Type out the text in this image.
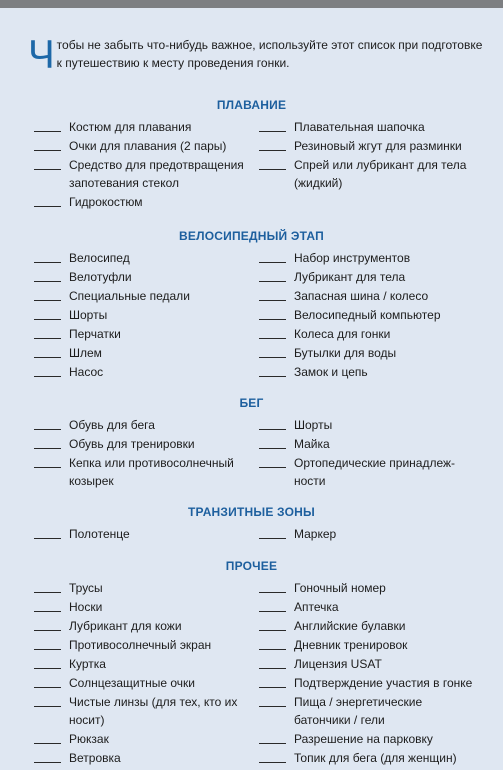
Ч тобы не забыть что-нибудь важное, используйте этот список при подготовке к путешествию к месту проведения гонки.
ПЛАВАНИЕ
Костюм для плавания
Очки для плавания (2 пары)
Средство для предотвращения запотевания стекол
Гидрокостюм
Плавательная шапочка
Резиновый жгут для разминки
Спрей или лубрикант для тела (жидкий)
ВЕЛОСИПЕДНЫЙ ЭТАП
Велосипед
Велотуфли
Специальные педали
Шорты
Перчатки
Шлем
Насос
Набор инструментов
Лубрикант для тела
Запасная шина / колесо
Велосипедный компьютер
Колеса для гонки
Бутылки для воды
Замок и цепь
БЕГ
Обувь для бега
Обувь для тренировки
Кепка или противосолнечный козырек
Шорты
Майка
Ортопедические принадлеж-ности
ТРАНЗИТНЫЕ ЗОНЫ
Полотенце	Маркер
ПРОЧЕЕ
Трусы
Носки
Лубрикант для кожи
Противосолнечный экран
Куртка
Солнцезащитные очки
Чистые линзы (для тех, кто их носит)
Рюкзак
Ветровка
Гоночный номер
Аптечка
Английские булавки
Дневник тренировок
Лицензия USAT
Подтверждение участия в гонке
Пища / энергетические батончики / гели
Разрешение на парковку
Топик для бега (для женщин)
